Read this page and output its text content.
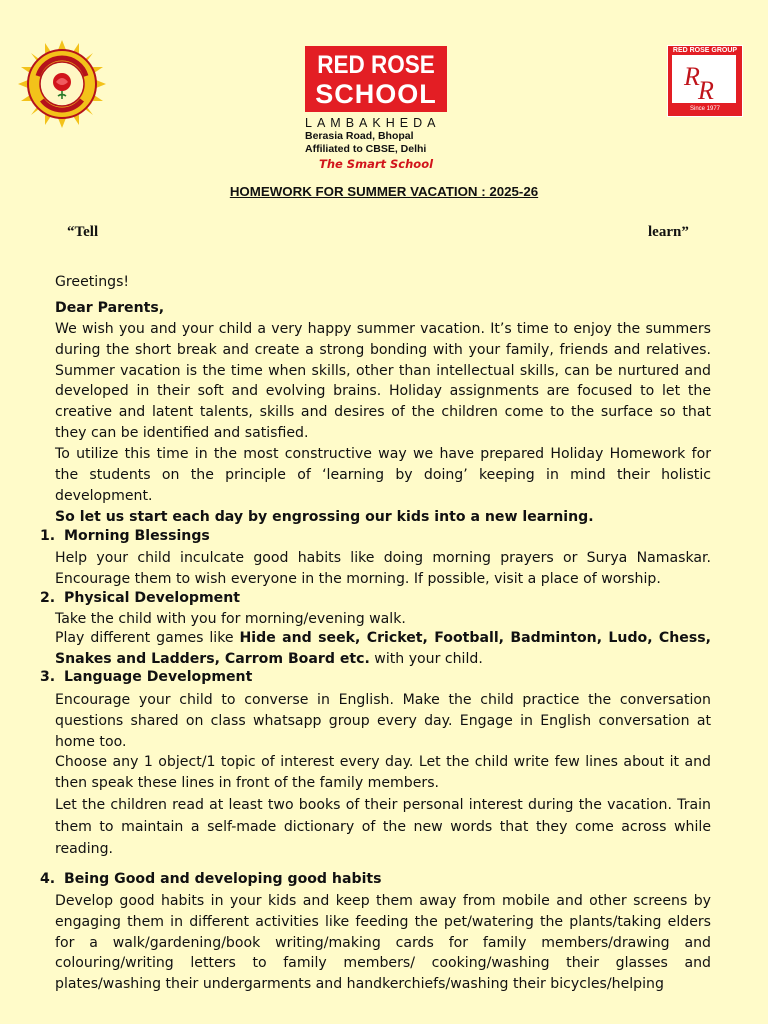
RED ROSE
SCHOOL
LAMBAKHEDA
Berasia Road, Bhopal
Affiliated to CBSE, Delhi
The Smart School
RED ROSE GROUP
R
R
Since 1977
HOMEWORK FOR SUMMER VACATION : 2025-26
“Tell	learn”
Greetings!
Dear Parents,
We wish you and your child a very happy summer vacation. It’s time to enjoy the summers during the short break and create a strong bonding with your family, friends and relatives. Summer vacation is the time when skills, other than intellectual skills, can be nurtured and developed in their soft and evolving brains. Holiday assignments are focused to let the creative and latent talents, skills and desires of the children come to the surface so that they can be identified and satisfied.
To utilize this time in the most constructive way we have prepared Holiday Homework for the students on the principle of ‘learning by doing’ keeping in mind their holistic development.
So let us start each day by engrossing our kids into a new learning.
1. Morning Blessings
Help your child inculcate good habits like doing morning prayers or Surya Namaskar. Encourage them to wish everyone in the morning. If possible, visit a place of worship.
2. Physical Development
Take the child with you for morning/evening walk.
Play different games like Hide and seek, Cricket, Football, Badminton, Ludo, Chess, Snakes and Ladders, Carrom Board etc. with your child.
3. Language Development
Encourage your child to converse in English. Make the child practice the conversation questions shared on class whatsapp group every day. Engage in English conversation at home too.
Choose any 1 object/1 topic of interest every day. Let the child write few lines about it and then speak these lines in front of the family members.
Let the children read at least two books of their personal interest during the vacation. Train them to maintain a self-made dictionary of the new words that they come across while reading.
4. Being Good and developing good habits
Develop good habits in your kids and keep them away from mobile and other screens by engaging them in different activities like feeding the pet/watering the plants/taking elders for a walk/gardening/book writing/making cards for family members/drawing and colouring/writing letters to family members/ cooking/washing their glasses and plates/washing their undergarments and handkerchiefs/washing their bicycles/helping
